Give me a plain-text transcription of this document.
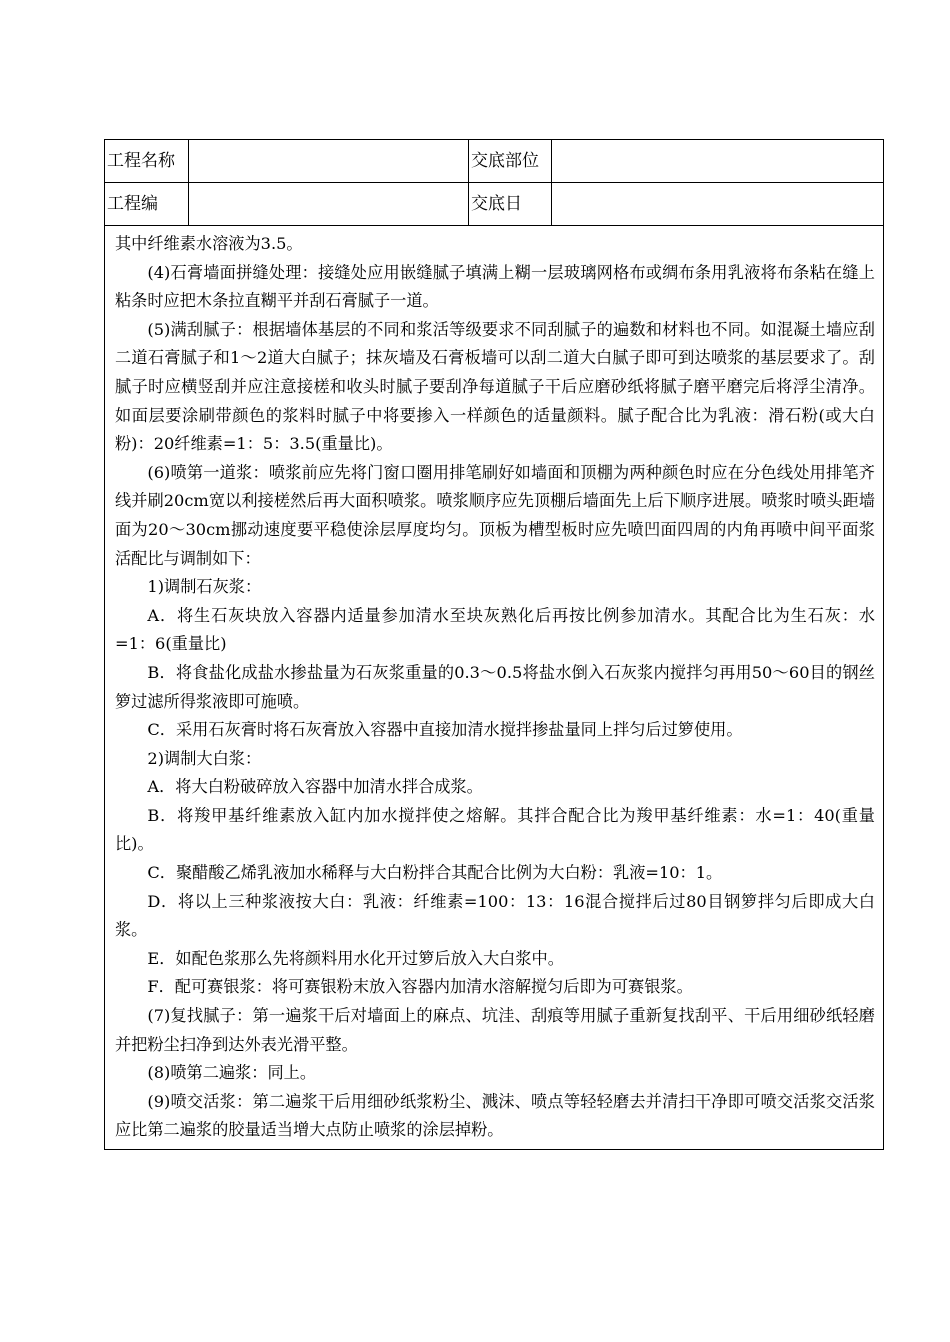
工程名称	交底部位
工程编	交底日

其中纤维素水溶液为3.5。

(4)石膏墙面拼缝处理：接缝处应用嵌缝腻子填满上糊一层玻璃网格布或绸布条用乳液将布条粘在缝上粘条时应把木条拉直糊平并刮石膏腻子一道。

(5)满刮腻子：根据墙体基层的不同和浆活等级要求不同刮腻子的遍数和材料也不同。如混凝土墙应刮二道石膏腻子和1～2道大白腻子；抹灰墙及石膏板墙可以刮二道大白腻子即可到达喷浆的基层要求了。刮腻子时应横竖刮并应注意接槎和收头时腻子要刮净每道腻子干后应磨砂纸将腻子磨平磨完后将浮尘清净。如面层要涂刷带颜色的浆料时腻子中将要掺入一样颜色的适量颜料。腻子配合比为乳液：滑石粉(或大白粉)：20纤维素=1：5：3.5(重量比)。

(6)喷第一道浆：喷浆前应先将门窗口圈用排笔刷好如墙面和顶棚为两种颜色时应在分色线处用排笔齐线并刷20cm宽以利接槎然后再大面积喷浆。喷浆顺序应先顶棚后墙面先上后下顺序进展。喷浆时喷头距墙面为20～30cm挪动速度要平稳使涂层厚度均匀。顶板为槽型板时应先喷凹面四周的内角再喷中间平面浆活配比与调制如下：

1)调制石灰浆：

A．将生石灰块放入容器内适量参加清水至块灰熟化后再按比例参加清水。其配合比为生石灰：水=1：6(重量比)

B．将食盐化成盐水掺盐量为石灰浆重量的0.3～0.5将盐水倒入石灰浆内搅拌匀再用50～60目的钢丝箩过滤所得浆液即可施喷。

C．采用石灰膏时将石灰膏放入容器中直接加清水搅拌掺盐量同上拌匀后过箩使用。

2)调制大白浆：

A．将大白粉破碎放入容器中加清水拌合成浆。

B．将羧甲基纤维素放入缸内加水搅拌使之熔解。其拌合配合比为羧甲基纤维素：水=1：40(重量比)。

C．聚醋酸乙烯乳液加水稀释与大白粉拌合其配合比例为大白粉：乳液=10：1。

D．将以上三种浆液按大白：乳液：纤维素=100：13：16混合搅拌后过80目钢箩拌匀后即成大白浆。

E．如配色浆那么先将颜料用水化开过箩后放入大白浆中。

F．配可赛银浆：将可赛银粉末放入容器内加清水溶解搅匀后即为可赛银浆。

(7)复找腻子：第一遍浆干后对墙面上的麻点、坑洼、刮痕等用腻子重新复找刮平、干后用细砂纸轻磨并把粉尘扫净到达外表光滑平整。

(8)喷第二遍浆：同上。

(9)喷交活浆：第二遍浆干后用细砂纸浆粉尘、溅沫、喷点等轻轻磨去并清扫干净即可喷交活浆交活浆应比第二遍浆的胶量适当增大点防止喷浆的涂层掉粉。
